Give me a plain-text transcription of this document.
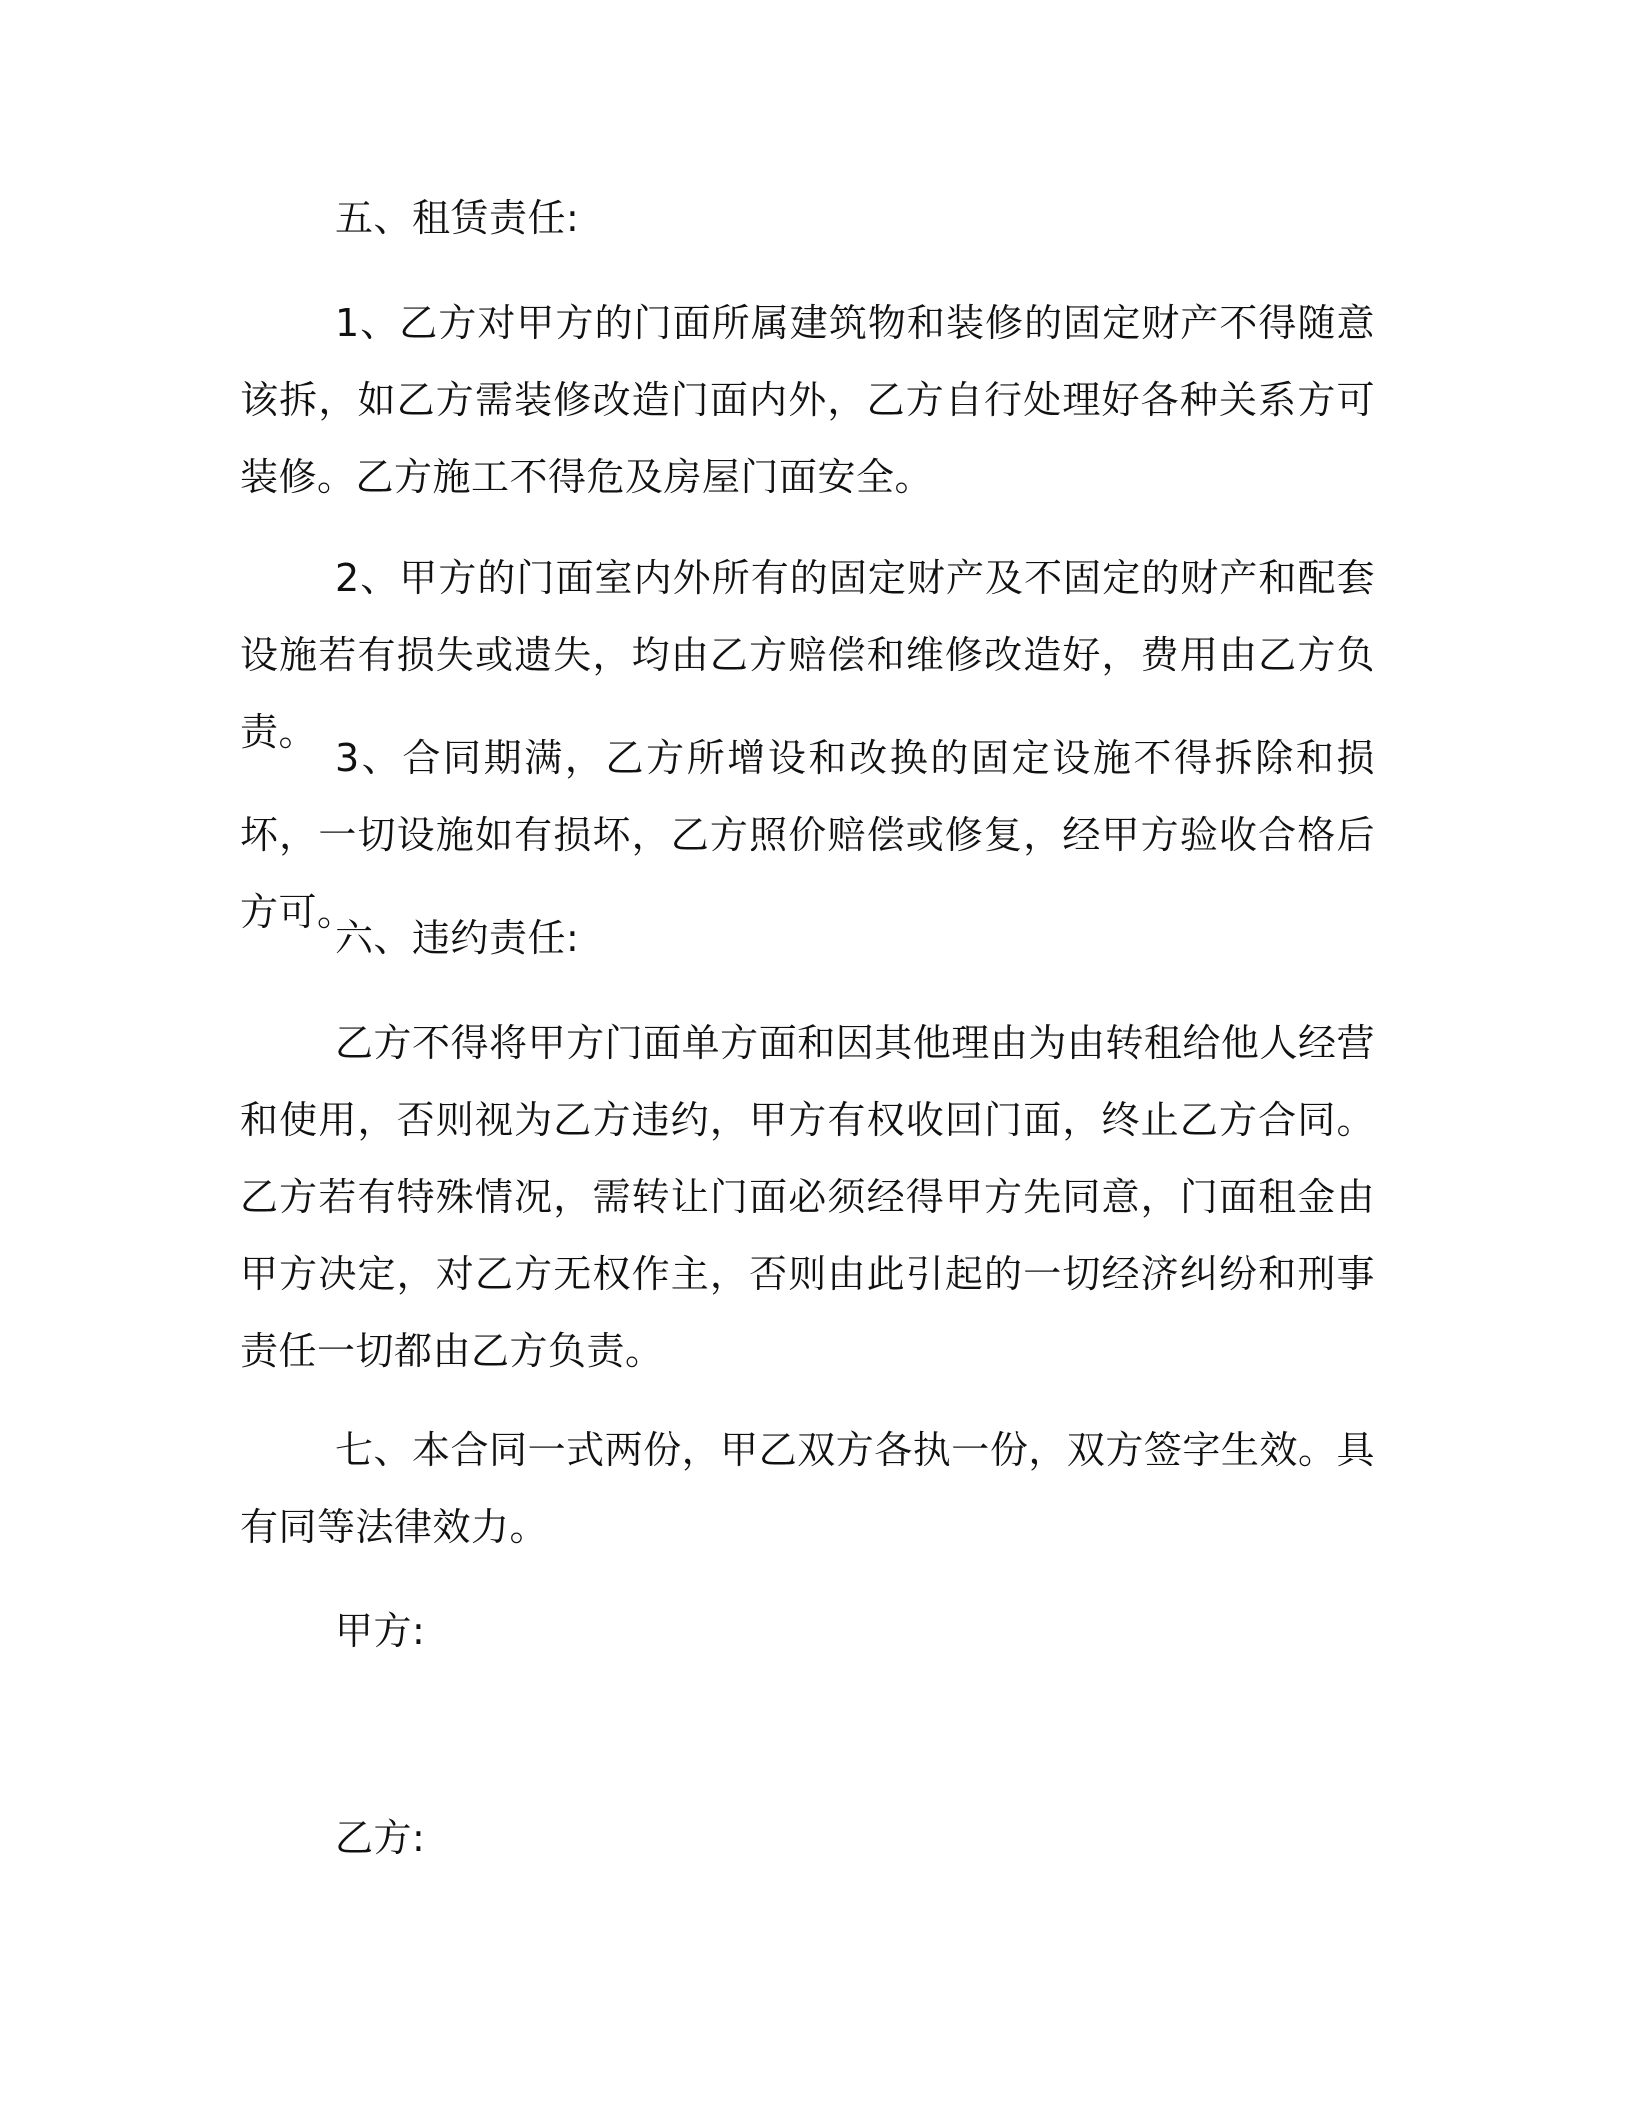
五、租赁责任:

1、乙方对甲方的门面所属建筑物和装修的固定财产不得随意该拆，如乙方需装修改造门面内外，乙方自行处理好各种关系方可装修。乙方施工不得危及房屋门面安全。

2、甲方的门面室内外所有的固定财产及不固定的财产和配套设施若有损失或遗失，均由乙方赔偿和维修改造好，费用由乙方负责。

3、合同期满，乙方所增设和改换的固定设施不得拆除和损坏，一切设施如有损坏，乙方照价赔偿或修复，经甲方验收合格后方可。

六、违约责任:

乙方不得将甲方门面单方面和因其他理由为由转租给他人经营和使用，否则视为乙方违约，甲方有权收回门面，终止乙方合同。乙方若有特殊情况，需转让门面必须经得甲方先同意，门面租金由甲方决定，对乙方无权作主，否则由此引起的一切经济纠纷和刑事责任一切都由乙方负责。

七、本合同一式两份，甲乙双方各执一份，双方签字生效。具有同等法律效力。

甲方:

乙方:
